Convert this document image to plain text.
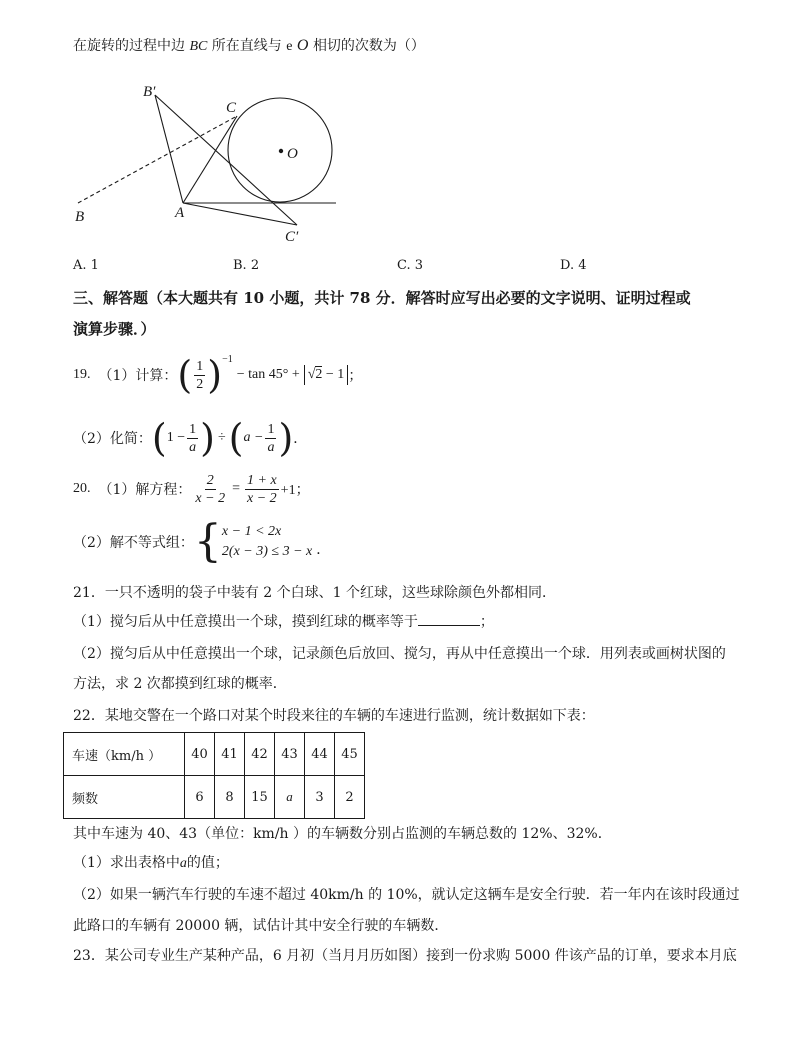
在旋转的过程中边 BC 所在直线与 e O 相切的次数为（）
B′
C
O
B	A
C′
A. 1	B. 2	C. 3	D. 4
三、解答题（本大题共有 10 小题，共计 78 分．解答时应写出必要的文字说明、证明过程或
演算步骤．）
19. （1）计算： ( $\frac{1}{2}$ ) −1
− tan 45° + √2 − 1 ；
（2）化简： ( $1 - \frac{1}{a}$ ) ÷ ( $a - \frac{1}{a}$ ) ．
20. （1）解方程： $\frac{2}{x - 2} = \frac{1 + x}{x - 2} +1$；
（2）解不等式组： { x − 1 < 2x
2(x − 3) ≤ 3 − x ．
21．一只不透明的袋子中装有 2 个白球、1 个红球，这些球除颜色外都相同．
（1）搅匀后从中任意摸出一个球，摸到红球的概率等于	；
（2）搅匀后从中任意摸出一个球，记录颜色后放回、搅匀，再从中任意摸出一个球．用列表或画树状图的
方法，求 2 次都摸到红球的概率．
22．某地交警在一个路口对某个时段来往的车辆的车速进行监测，统计数据如下表：
车速（km/h ）	40	41	42	43	44	45
频数	6	8	15	a	3	2
其中车速为 40、43（单位：km/h ）的车辆数分别占监测的车辆总数的 12%、32%．
（1）求出表格中a的值；
（2）如果一辆汽车行驶的车速不超过 40km/h 的 10%，就认定这辆车是安全行驶．若一年内在该时段通过
此路口的车辆有 20000 辆，试估计其中安全行驶的车辆数．
23．某公司专业生产某种产品，6 月初（当月月历如图）接到一份求购 5000 件该产品的订单，要求本月底
